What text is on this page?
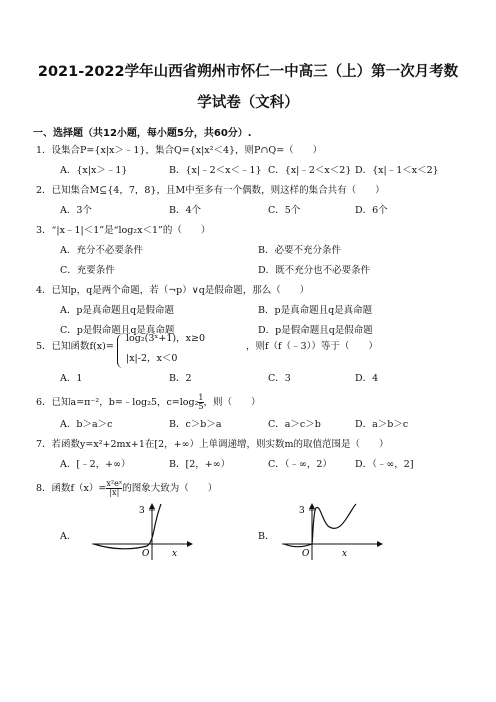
2021-2022学年山西省朔州市怀仁一中高三（上）第一次月考数
学试卷（文科）
一、选择题（共12小题，每小题5分，共60分）.
1．设集合P={x|x＞﹣1}，集合Q={x|x²＜4}，则P∩Q=（　　）
A．{x|x＞﹣1}	B．{x|﹣2＜x＜﹣1} C．{x|﹣2＜x＜2} D．{x|﹣1＜x＜2}
2．已知集合M⊆{4，7，8}，且M中至多有一个偶数，则这样的集合共有（　　）
A．3个	B．4个	C．5个	D．6个
3．“|x﹣1|＜1”是“log₂x＜1”的（　　）
A．充分不必要条件	B．必要不充分条件
C．充要条件	D．既不充分也不必要条件
4．已知p，q是两个命题，若（¬p）∨q是假命题，那么（　　）
A．p是真命题且q是假命题	B．p是真命题且q是真命题
C．p是假命题且q是真命题	D．p是假命题且q是假命题
5．已知函数f(x)=
log₂(3ˣ+1)，x≥0
|x|-2，x＜0
，则f（f（﹣3））等于（　　）
A．1	B．2	C．3	D．4
6．已知a=π⁻²，b=﹣log₂5，$c=\log_2 \frac{1}{5}$ ，则（　　）
A．b＞a＞c	B．c＞b＞a	C．a＞c＞b	D．a＞b＞c
7．若函数y=x²+2mx+1在[2，+∞）上单调递增，则实数m的取值范围是（　　）
A．[﹣2，+∞）	B．[2，+∞）	C．（﹣∞，2） D．（﹣∞，2]
8．函数$f(x)= \frac{\text{x²eˣ}}{|x|}$ 的图象大致为（　　）
A．	B．
3
O	x
3
O	x
